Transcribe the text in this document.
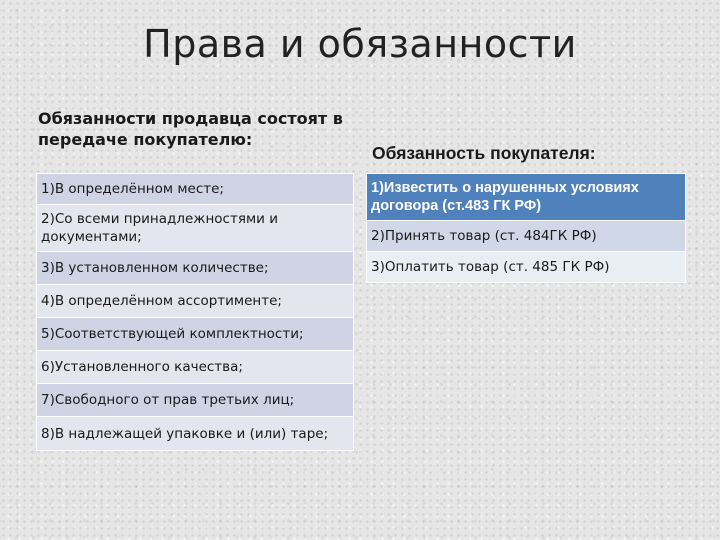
Права и обязанности
Обязанности продавца состоят в передаче покупателю:
1)В определённом месте;
2)Со всеми принадлежностями и документами;
3)В установленном количестве;
4)В определённом ассортименте;
5)Соответствующей комплектности;
6)Установленного качества;
7)Свободного от прав третьих лиц;
8)В надлежащей упаковке и (или) таре;
Обязанность покупателя:
1)Известить о нарушенных условиях договора (ст.483 ГК РФ)
2)Принять товар (ст. 484ГК РФ)
3)Оплатить товар (ст. 485 ГК РФ)
